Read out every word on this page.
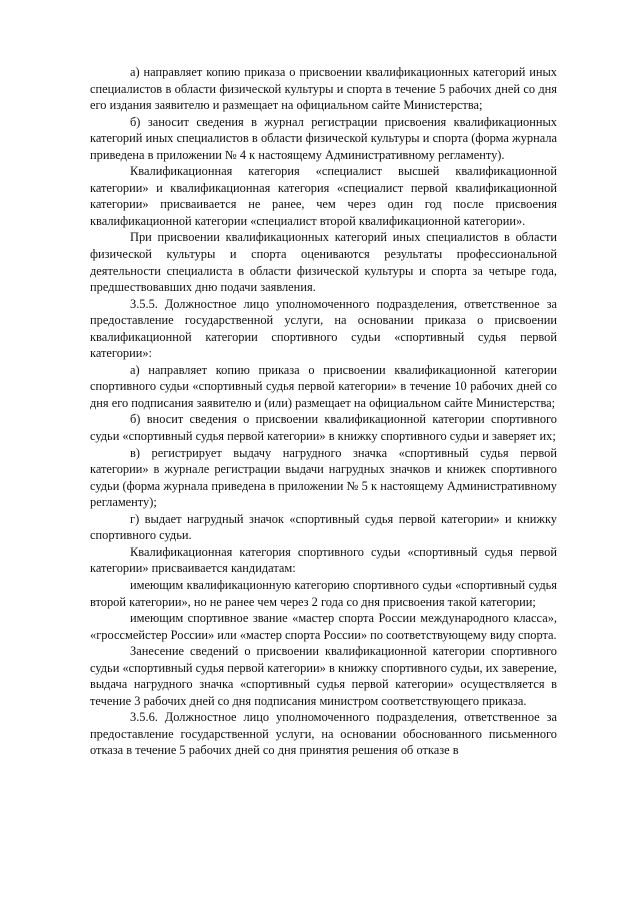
а) направляет копию приказа о присвоении квалификационных категорий иных специалистов в области физической культуры и спорта в течение 5 рабочих дней со дня его издания заявителю и размещает на официальном сайте Министерства;

б) заносит сведения в журнал регистрации присвоения квалификационных категорий иных специалистов в области физической культуры и спорта (форма журнала приведена в приложении № 4 к настоящему Административному регламенту).

Квалификационная категория «специалист высшей квалификационной категории» и квалификационная категория «специалист первой квалификационной категории» присваивается не ранее, чем через один год после присвоения квалификационной категории «специалист второй квалификационной категории».

При присвоении квалификационных категорий иных специалистов в области физической культуры и спорта оцениваются результаты профессиональной деятельности специалиста в области физической культуры и спорта за четыре года, предшествовавших дню подачи заявления.

3.5.5. Должностное лицо уполномоченного подразделения, ответственное за предоставление государственной услуги, на основании приказа о присвоении квалификационной категории спортивного судьи «спортивный судья первой категории»:

а) направляет копию приказа о присвоении квалификационной категории спортивного судьи «спортивный судья первой категории» в течение 10 рабочих дней со дня его подписания заявителю и (или) размещает на официальном сайте Министерства;

б) вносит сведения о присвоении квалификационной категории спортивного судьи «спортивный судья первой категории» в книжку спортивного судьи и заверяет их;

в) регистрирует выдачу нагрудного значка «спортивный судья первой категории» в журнале регистрации выдачи нагрудных значков и книжек спортивного судьи (форма журнала приведена в приложении № 5 к настоящему Административному регламенту);

г) выдает нагрудный значок «спортивный судья первой категории» и книжку спортивного судьи.

Квалификационная категория спортивного судьи «спортивный судья первой категории» присваивается кандидатам:

имеющим квалификационную категорию спортивного судьи «спортивный судья второй категории», но не ранее чем через 2 года со дня присвоения такой категории;

имеющим спортивное звание «мастер спорта России международного класса», «гроссмейстер России» или «мастер спорта России» по соответствующему виду спорта.

Занесение сведений о присвоении квалификационной категории спортивного судьи «спортивный судья первой категории» в книжку спортивного судьи, их заверение, выдача нагрудного значка «спортивный судья первой категории» осуществляется в течение 3 рабочих дней со дня подписания министром соответствующего приказа.

3.5.6. Должностное лицо уполномоченного подразделения, ответственное за предоставление государственной услуги, на основании обоснованного письменного отказа в течение 5 рабочих дней со дня принятия решения об отказе в
